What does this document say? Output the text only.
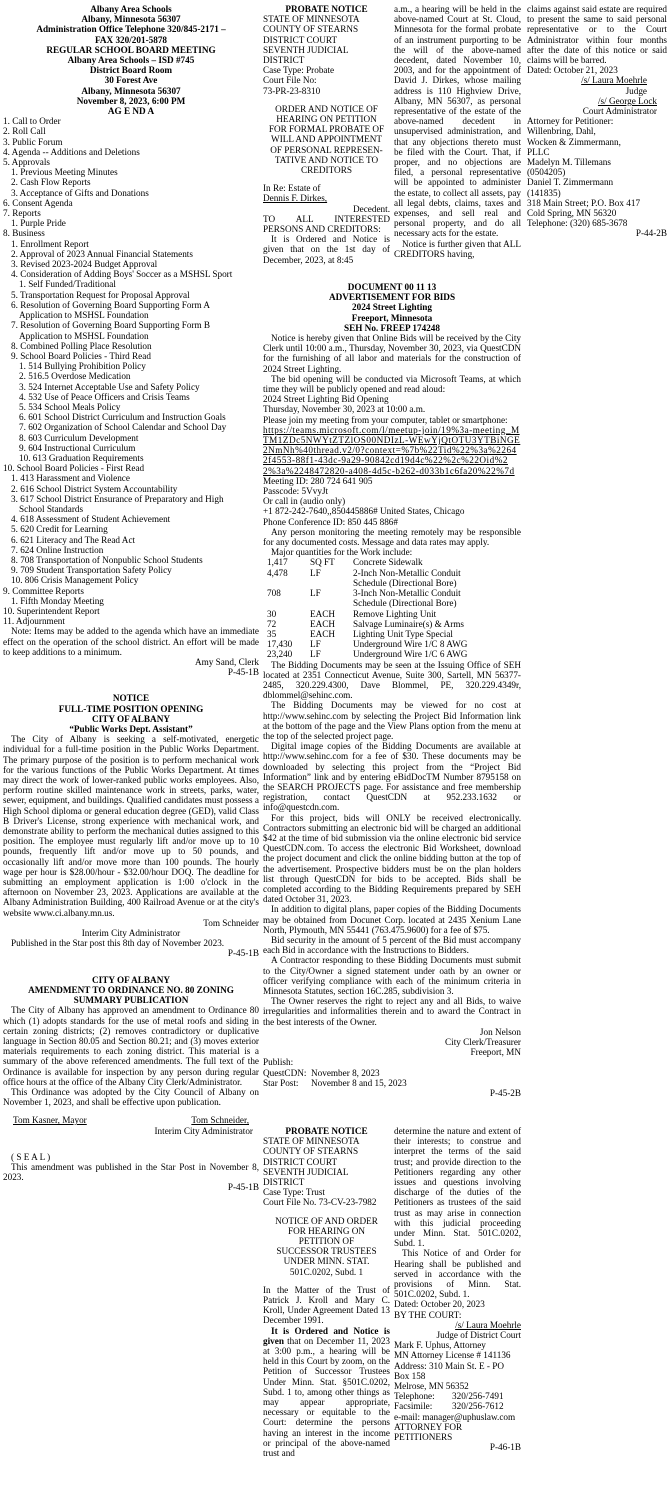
Albany Area Schools

Albany, Minnesota 56307

Administration Office Telephone 320/845-2171 –

FAX 320/201-5878

REGULAR SCHOOL BOARD MEETING

Albany Area Schools – ISD #745

District Board Room

30 Forest Ave

Albany, Minnesota 56307

November 8, 2023, 6:00 PM

AG E ND A

1. Call to Order

2. Roll Call

3. Public Forum

4. Agenda -- Additions and Deletions

5. Approvals

1. Previous Meeting Minutes

2. Cash Flow Reports

3. Acceptance of Gifts and Donations

6. Consent Agenda

7. Reports

1. Purple Pride

8. Business

1. Enrollment Report

2. Approval of 2023 Annual Financial Statements

3. Revised 2023-2024 Budget Approval

4. Consideration of Adding Boys' Soccer as a MSHSL Sport

1. Self Funded/Traditional

5. Transportation Request for Proposal Approval

6. Resolution of Governing Board Supporting Form A

Application to MSHSL Foundation

7. Resolution of Governing Board Supporting Form B

Application to MSHSL Foundation

8. Combined Polling Place Resolution

9. School Board Policies - Third Read

1. 514 Bullying Prohibition Policy

2. 516.5 Overdose Medication

3. 524 Internet Acceptable Use and Safety Policy

4. 532 Use of Peace Officers and Crisis Teams

5. 534 School Meals Policy

6. 601 School District Curriculum and Instruction Goals

7. 602 Organization of School Calendar and School Day

8. 603 Curriculum Development

9. 604 Instructional Curriculum

10. 613 Graduation Requirements

10. School Board Policies - First Read

1. 413 Harassment and Violence

2. 616 School District System Accountability

3. 617 School District Ensurance of Preparatory and High

School Standards

4. 618 Assessment of Student Achievement

5. 620 Credit for Learning

6. 621 Literacy and The Read Act

7. 624 Online Instruction

8. 708 Transportation of Nonpublic School Students

9. 709 Student Transportation Safety Policy

10. 806 Crisis Management Policy

9. Committee Reports

1. Fifth Monday Meeting

10. Superintendent Report

11. Adjournment

Note: Items may be added to the agenda which have an immediate effect on the operation of the school district. An effort will be made to keep additions to a minimum.

Amy Sand, Clerk

P-45-1B

NOTICE

FULL-TIME POSITION OPENING

CITY OF ALBANY

“Public Works Dept. Assistant”

The City of Albany is seeking a self-motivated, energetic individual for a full-time position in the Public Works Department. The primary purpose of the position is to perform mechanical work for the various functions of the Public Works Department. At times may direct the work of lower-ranked public works employees. Also, perform routine skilled maintenance work in streets, parks, water, sewer, equipment, and buildings. Qualified candidates must possess a High School diploma or general education degree (GED), valid Class B Driver's License, strong experience with mechanical work, and demonstrate ability to perform the mechanical duties assigned to this position. The employee must regularly lift and/or move up to 10 pounds, frequently lift and/or move up to 50 pounds, and occasionally lift and/or move more than 100 pounds. The hourly wage per hour is $28.00/hour - $32.00/hour DOQ. The deadline for submitting an employment application is 1:00 o'clock in the afternoon on November 23, 2023. Applications are available at the Albany Administration Building, 400 Railroad Avenue or at the city's website www.ci.albany.mn.us.

Tom Schneider

Interim City Administrator

Published in the Star post this 8th day of November 2023.

P-45-1B

CITY OF ALBANY

AMENDMENT TO ORDINANCE NO. 80 ZONING

SUMMARY PUBLICATION

The City of Albany has approved an amendment to Ordinance 80 which (1) adopts standards for the use of metal roofs and siding in certain zoning districts; (2) removes contradictory or duplicative language in Section 80.05 and Section 80.21; and (3) moves exterior materials requirements to each zoning district. This material is a summary of the above referenced amendments. The full text of the Ordinance is available for inspection by any person during regular office hours at the office of the Albany City Clerk/Administrator.

This Ordinance was adopted by the City Council of Albany on November 1, 2023, and shall be effective upon publication.

Tom Kasner, Mayor	Tom Schneider,

Interim City Administrator

( S E A L )

This amendment was published in the Star Post in November 8, 2023.

P-45-1B

PROBATE NOTICE

STATE OF MINNESOTA

COUNTY OF STEARNS

DISTRICT COURT

SEVENTH JUDICIAL

DISTRICT

Case Type: Probate

Court File No:

73-PR-23-8310

ORDER AND NOTICE OF

HEARING ON PETITION

FOR FORMAL PROBATE OF

WILL AND APPOINTMENT

OF PERSONAL REPRESEN-

TATIVE AND NOTICE TO

CREDITORS

In Re: Estate of

Dennis F. Dirkes,

Decedent.

TO ALL INTERESTED PERSONS AND CREDITORS:

It is Ordered and Notice is given that on the 1st day of December, 2023, at 8:45

a.m., a hearing will be held in the above-named Court at St. Cloud, Minnesota for the formal probate of an instrument purporting to be the will of the above-named decedent, dated November 10, 2003, and for the appointment of David J. Dirkes, whose mailing address is 110 Highview Drive, Albany, MN 56307, as personal representative of the estate of the above-named decedent in unsupervised administration, and that any objections thereto must be filed with the Court. That, if proper, and no objections are filed, a personal representative will be appointed to administer the estate, to collect all assets, pay all legal debts, claims, taxes and expenses, and sell real and personal property, and do all necessary acts for the estate.

Notice is further given that ALL CREDITORS having,

DOCUMENT 00 11 13

ADVERTISEMENT FOR BIDS

2024 Street Lighting

Freeport, Minnesota

SEH No. FREEP 174248

Notice is hereby given that Online Bids will be received by the City Clerk until 10:00 a.m., Thursday, November 30, 2023, via QuestCDN for the furnishing of all labor and materials for the construction of 2024 Street Lighting.

The bid opening will be conducted via Microsoft Teams, at which time they will be publicly opened and read aloud:

2024 Street Lighting Bid Opening

Thursday, November 30, 2023 at 10:00 a.m.

Please join my meeting from your computer, tablet or smartphone:

https://teams.microsoft.com/l/meetup-join/19%3a-meeting_MTM1ZDc5NWYtZTZlOS00NDIzL-WEwYjQtOTU3YTBiNGE2NmNh%40thread.v2/0?context=%7b%22Tid%22%3a%22642f4553-88f1-43dc-9a29-90842cd19d4c%22%2c%22Oid%22%3a%2248472820-a408-4d5c-b262-d033b1c6fa20%22%7d

Meeting ID: 280 724 641 905

Passcode: 5VvyJt

Or call in (audio only)

+1 872-242-7640,,850445886# United States, Chicago

Phone Conference ID: 850 445 886#

Any person monitoring the meeting remotely may be responsible for any documented costs. Message and data rates may apply.

Major quantities for the Work include:

1,417	SQ FT	Concrete Sidewalk
4,478	LF	2-Inch Non-Metallic Conduit
		Schedule (Directional Bore)
708	LF	3-Inch Non-Metallic Conduit
		Schedule (Directional Bore)
30	EACH	Remove Lighting Unit
72	EACH	Salvage Luminaire(s) & Arms
35	EACH	Lighting Unit Type Special
17,430	LF	Underground Wire 1/C 8 AWG
23,240	LF	Underground Wire 1/C 6 AWG

The Bidding Documents may be seen at the Issuing Office of SEH located at 2351 Connecticut Avenue, Suite 300, Sartell, MN 56377-2485, 320.229.4300, Dave Blommel, PE, 320.229.4349r, dblommel@sehinc.com.

The Bidding Documents may be viewed for no cost at http://www.sehinc.com by selecting the Project Bid Information link at the bottom of the page and the View Plans option from the menu at the top of the selected project page.

Digital image copies of the Bidding Documents are available at http://www.sehinc.com for a fee of $30. These documents may be downloaded by selecting this project from the “Project Bid Information” link and by entering eBidDocTM Number 8795158 on the SEARCH PROJECTS page. For assistance and free membership registration, contact QuestCDN at 952.233.1632 or info@questcdn.com.

For this project, bids will ONLY be received electronically. Contractors submitting an electronic bid will be charged an additional $42 at the time of bid submission via the online electronic bid service QuestCDN.com. To access the electronic Bid Worksheet, download the project document and click the online bidding button at the top of the advertisement. Prospective bidders must be on the plan holders list through QuestCDN for bids to be accepted. Bids shall be completed according to the Bidding Requirements prepared by SEH dated October 31, 2023.

In addition to digital plans, paper copies of the Bidding Documents may be obtained from Docunet Corp. located at 2435 Xenium Lane North, Plymouth, MN 55441 (763.475.9600) for a fee of $75.

Bid security in the amount of 5 percent of the Bid must accompany each Bid in accordance with the Instructions to Bidders.

A Contractor responding to these Bidding Documents must submit to the City/Owner a signed statement under oath by an owner or officer verifying compliance with each of the minimum criteria in Minnesota Statutes, section 16C.285, subdivision 3.

The Owner reserves the right to reject any and all Bids, to waive irregularities and informalities therein and to award the Contract in the best interests of the Owner.

Jon Nelson

City Clerk/Treasurer

Freeport, MN

Publish:

QuestCDN: November 8, 2023
Star Post:	November 8 and 15, 2023

P-45-2B

PROBATE NOTICE

STATE OF MINNESOTA

COUNTY OF STEARNS

DISTRICT COURT

SEVENTH JUDICIAL

DISTRICT

Case Type: Trust

Court File No. 73-CV-23-7982

NOTICE OF AND ORDER

FOR HEARING ON

PETITION OF

SUCCESSOR TRUSTEES

UNDER MINN. STAT.

501C.0202, Subd. 1

In the Matter of the Trust of Patrick J. Kroll and Mary C. Kroll, Under Agreement Dated 13 December 1991.

It is Ordered and Notice is given that on December 11, 2023 at 3:00 p.m., a hearing will be held in this Court by zoom, on the Petition of Successor Trustees Under Minn. Stat. §501C.0202, Subd. 1 to, among other things as may appear appropriate, necessary or equitable to the Court: determine the persons having an interest in the income or principal of the above-named trust and

determine the nature and extent of their interests; to construe and interpret the terms of the said trust; and provide direction to the Petitioners regarding any other issues and questions involving discharge of the duties of the Petitioners as trustees of the said trust as may arise in connection with this judicial proceeding under Minn. Stat. 501C.0202, Subd. 1.

This Notice of and Order for Hearing shall be published and served in accordance with the provisions of Minn. Stat. 501C.0202, Subd. 1.

Dated: October 20, 2023

BY THE COURT:

/s/ Laura Moehrle

Judge of District Court

Mark F. Uphus, Attorney

MN Attorney License # 141136

Address: 310 Main St. E - PO

Box 158

Melrose, MN 56352

Telephone:	320/256-7491
Facsimile:	320/256-7612

e-mail: manager@uphuslaw.com

ATTORNEY FOR

PETITIONERS

P-46-1B

claims against said estate are required to present the same to said personal representative or to the Court Administrator within four months after the date of this notice or said claims will be barred.

Dated: October 21, 2023

/s/ Laura Moehrle

Judge

/s/ George Lock

Court Administrator

Attorney for Petitioner:

Willenbring, Dahl,

Wocken & Zimmermann,

PLLC

Madelyn M. Tillemans

(0504205)

Daniel T. Zimmermann

(141835)

318 Main Street; P.O. Box 417

Cold Spring, MN 56320

Telephone: (320) 685-3678

P-44-2B
